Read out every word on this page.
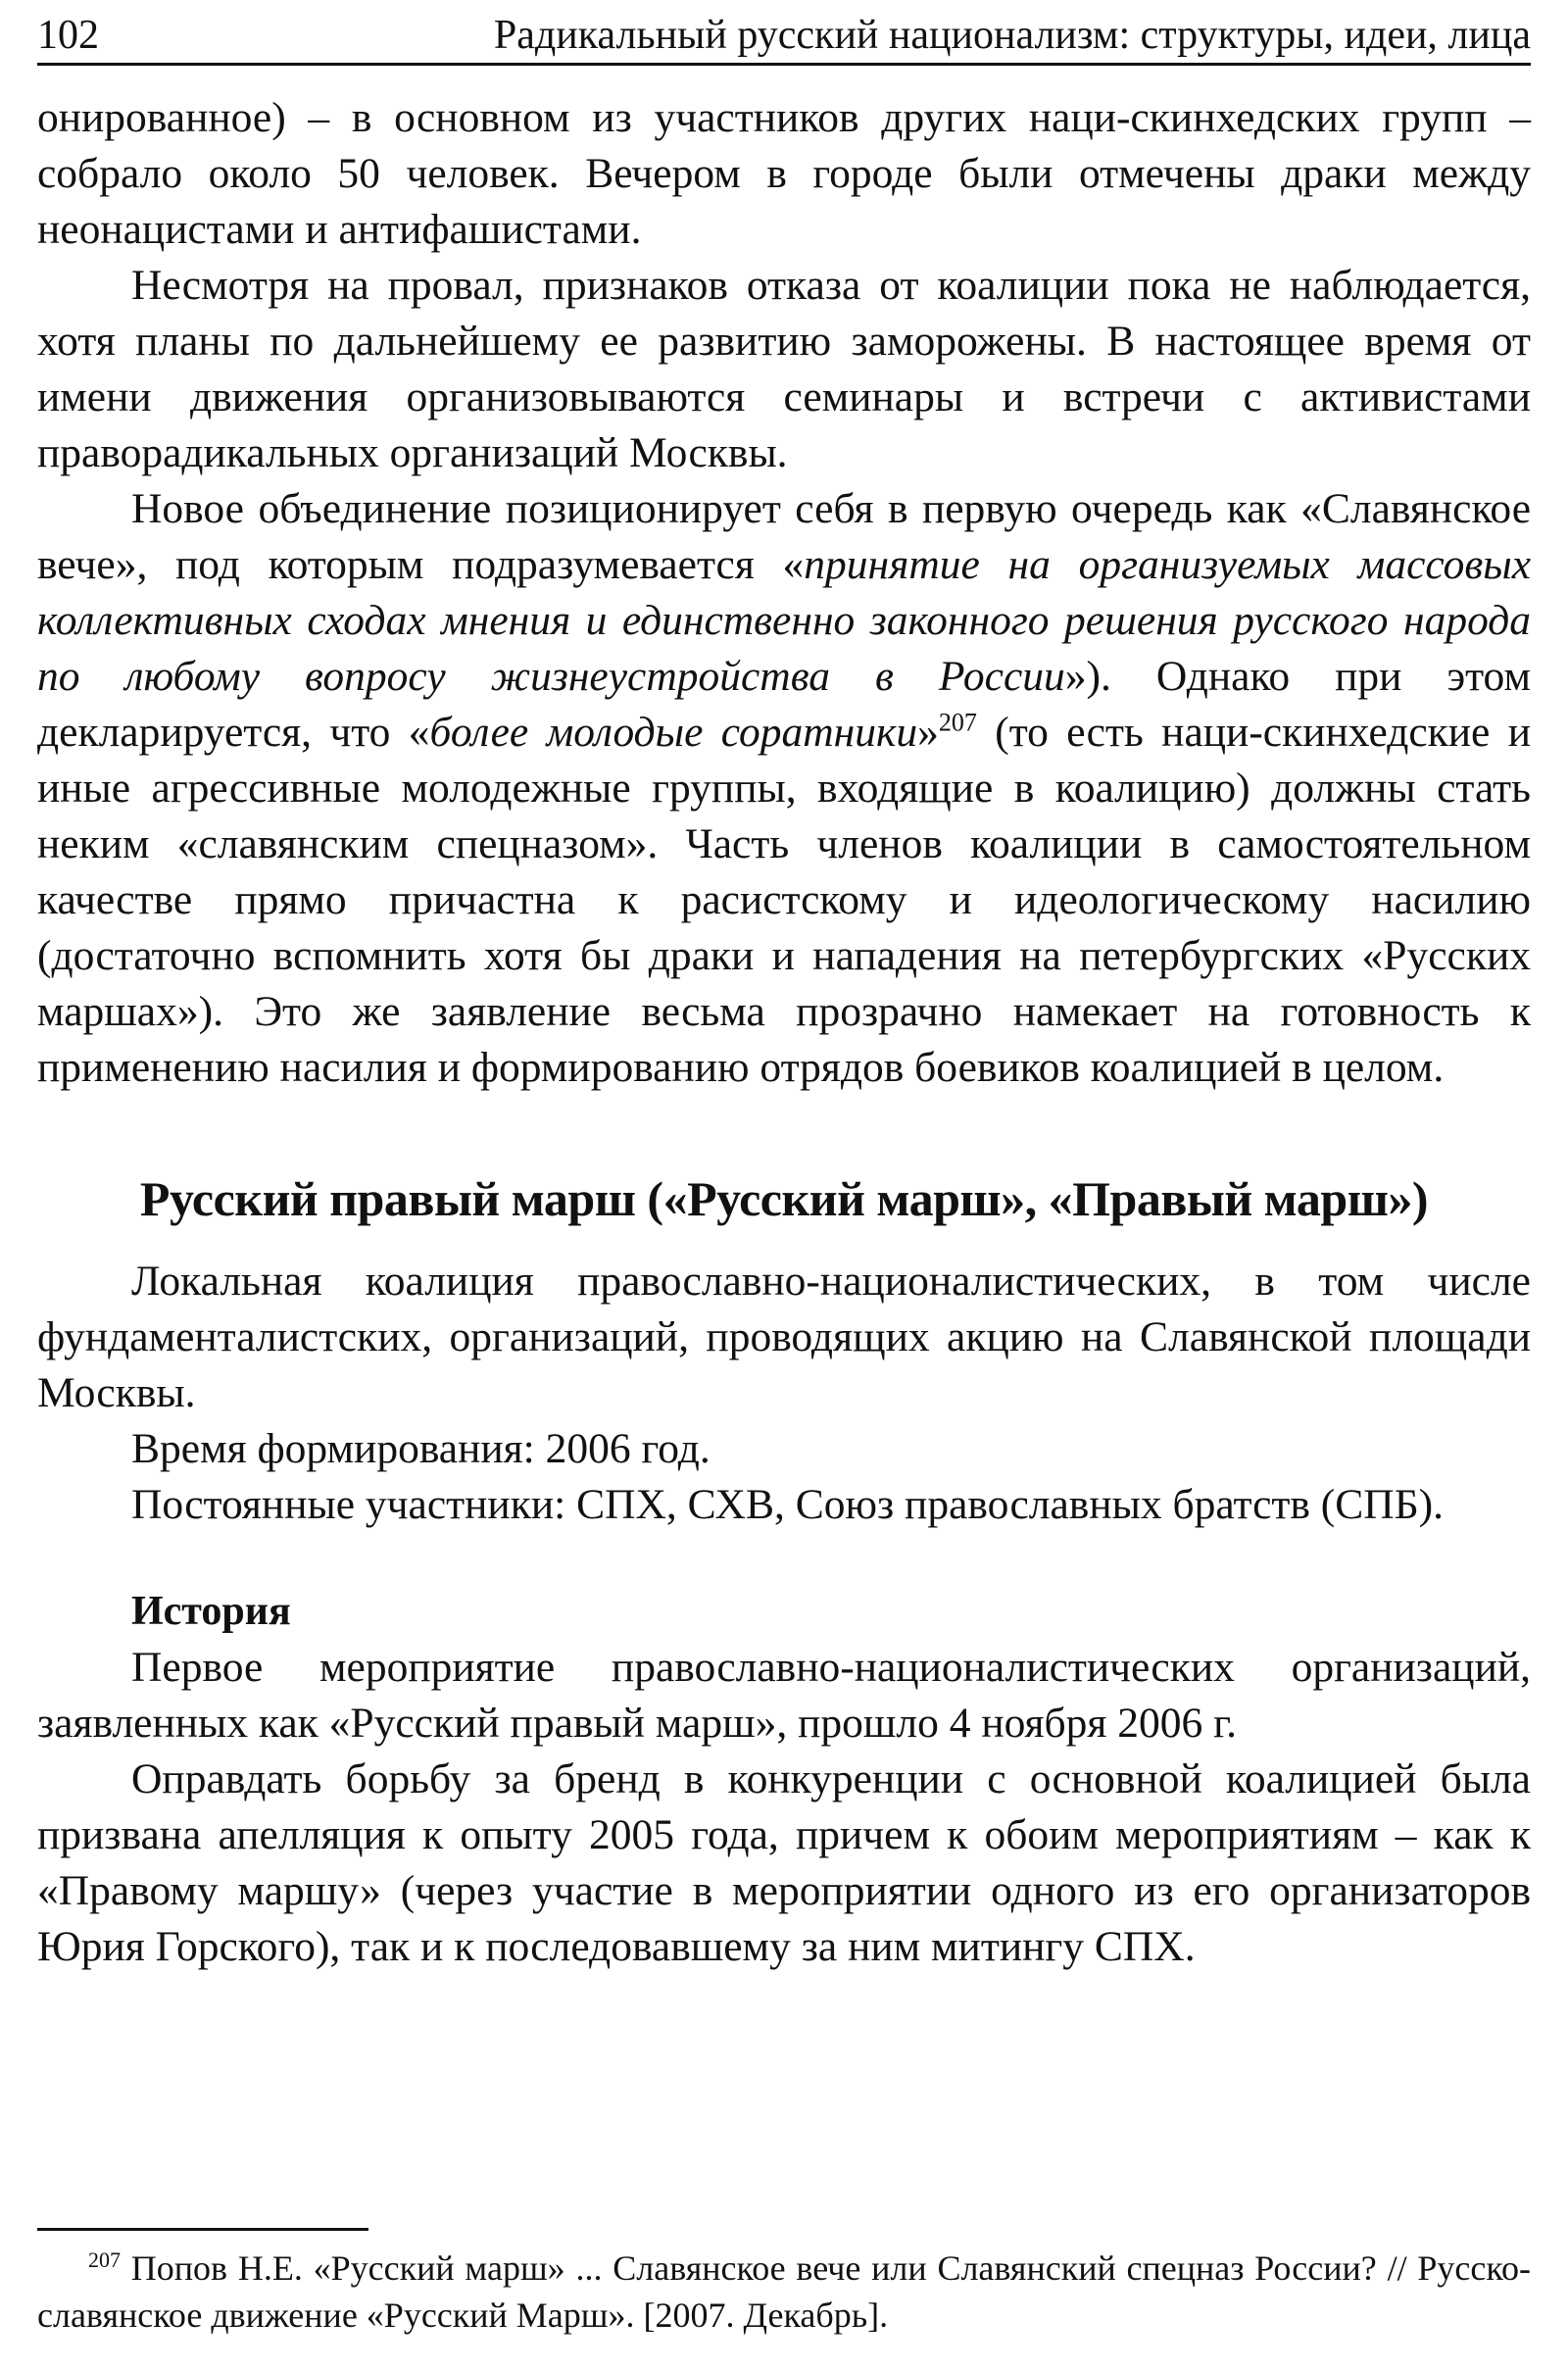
102	Радикальный русский национализм: структуры, идеи, лица

онированное) – в основном из участников других наци-скинхедских групп – собрало около 50 человек. Вечером в городе были отмечены драки между неонацистами и антифашистами.

Несмотря на провал, признаков отказа от коалиции пока не наблюдается, хотя планы по дальнейшему ее развитию заморожены. В настоящее время от имени движения организовываются семинары и встречи с активистами праворадикальных организаций Москвы.

Новое объединение позиционирует себя в первую очередь как «Славянское вече», под которым подразумевается «принятие на организуемых массовых коллективных сходах мнения и единственно законного решения русского народа по любому вопросу жизнеустройства в России»). Однако при этом декларируется, что «более молодые соратники»$^{207}$ (то есть наци-скинхедские и иные агрессивные молодежные группы, входящие в коалицию) должны стать неким «славянским спецназом». Часть членов коалиции в самостоятельном качестве прямо причастна к расистскому и идеологическому насилию (достаточно вспомнить хотя бы драки и нападения на петербургских «Русских маршах»). Это же заявление весьма прозрачно намекает на готовность к применению насилия и формированию отрядов боевиков коалицией в целом.

Русский правый марш («Русский марш», «Правый марш»)

Локальная коалиция православно-националистических, в том числе фундаменталистских, организаций, проводящих акцию на Славянской площади Москвы.

Время формирования: 2006 год.

Постоянные участники: СПХ, СХВ, Союз православных братств (СПБ).

История

Первое мероприятие православно-националистических организаций, заявленных как «Русский правый марш», прошло 4 ноября 2006 г.

Оправдать борьбу за бренд в конкуренции с основной коалицией была призвана апелляция к опыту 2005 года, причем к обоим мероприятиям – как к «Правому маршу» (через участие в мероприятии одного из его организаторов Юрия Горского), так и к последовавшему за ним митингу СПХ.

$^{207}$ Попов Н.Е. «Русский марш» ... Славянское вече или Славянский спецназ России? // Русско-славянское движение «Русский Марш». [2007. Декабрь].
